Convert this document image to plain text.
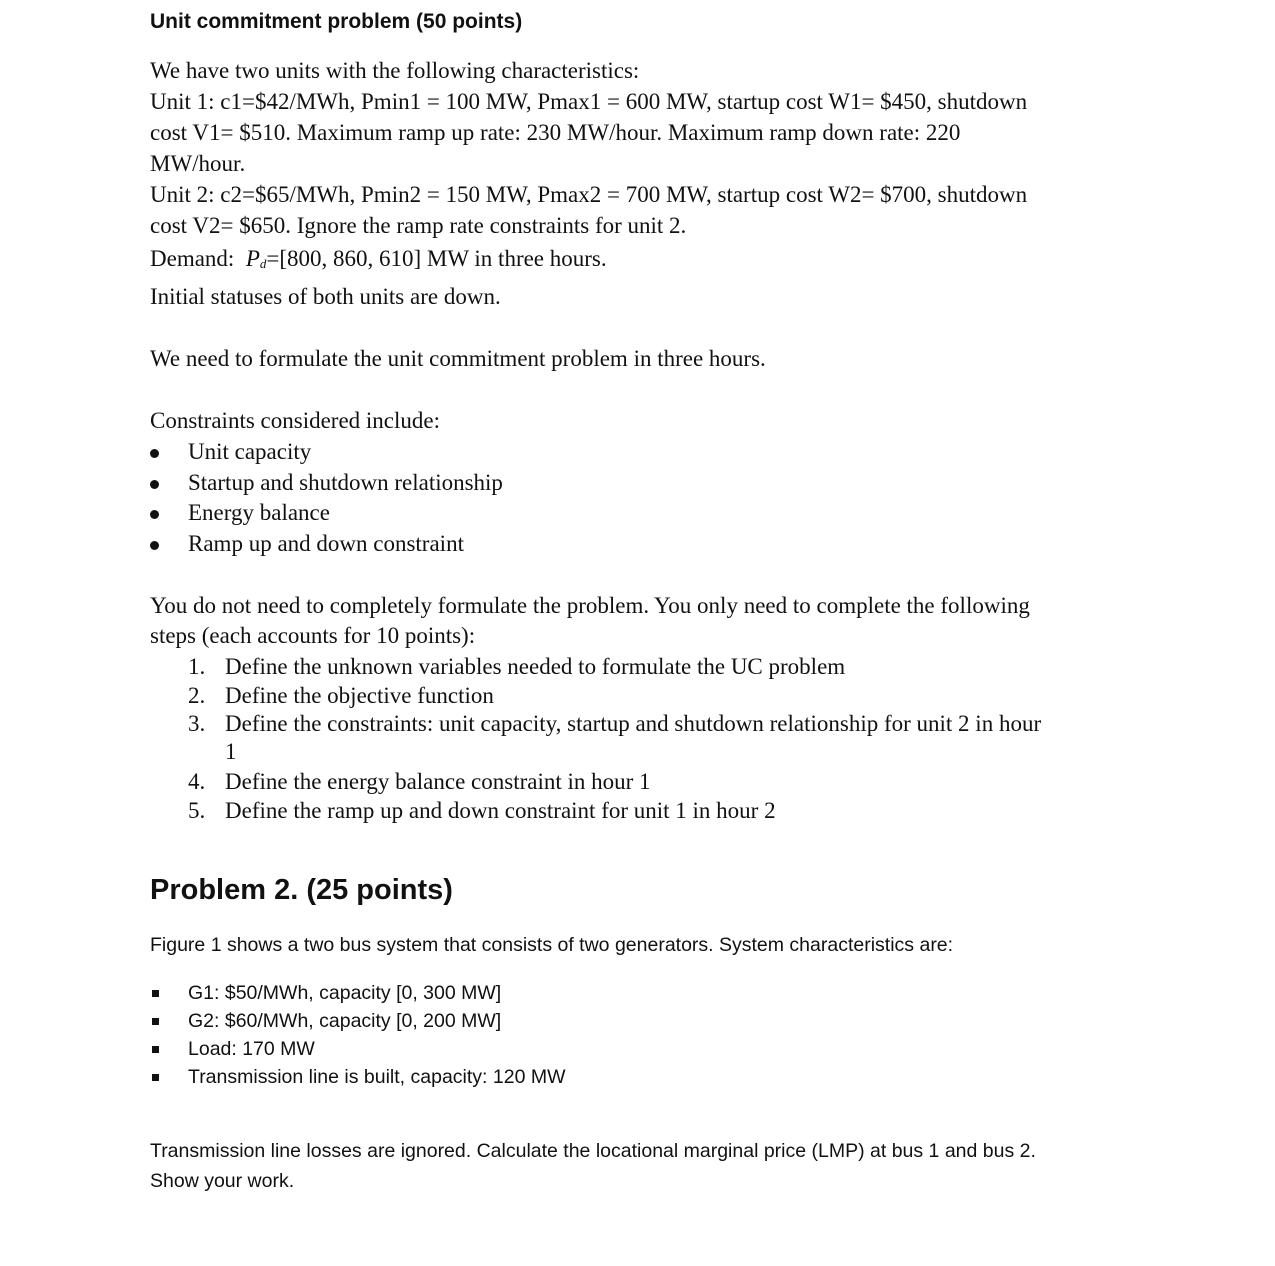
Unit commitment problem (50 points)
We have two units with the following characteristics:
Unit 1: c1=$42/MWh, Pmin1 = 100 MW, Pmax1 = 600 MW, startup cost W1= $450, shutdown
cost V1= $510. Maximum ramp up rate: 230 MW/hour. Maximum ramp down rate: 220
MW/hour.
Unit 2: c2=$65/MWh, Pmin2 = 150 MW, Pmax2 = 700 MW, startup cost W2= $700, shutdown
cost V2= $650. Ignore the ramp rate constraints for unit 2.
Demand: $P_d=[800$, 860, 610] MW in three hours.
Initial statuses of both units are down.
We need to formulate the unit commitment problem in three hours.
Constraints considered include:
Unit capacity
Startup and shutdown relationship
Energy balance
Ramp up and down constraint
You do not need to completely formulate the problem. You only need to complete the following
steps (each accounts for 10 points):
1. Define the unknown variables needed to formulate the UC problem
2. Define the objective function
3. Define the constraints: unit capacity, startup and shutdown relationship for unit 2 in hour
1
4. Define the energy balance constraint in hour 1
5. Define the ramp up and down constraint for unit 1 in hour 2
Problem 2. (25 points)
Figure 1 shows a two bus system that consists of two generators. System characteristics are:
G1: $50/MWh, capacity [0, 300 MW]
G2: $60/MWh, capacity [0, 200 MW]
Load: 170 MW
Transmission line is built, capacity: 120 MW
Transmission line losses are ignored. Calculate the locational marginal price (LMP) at bus 1 and bus 2.
Show your work.
